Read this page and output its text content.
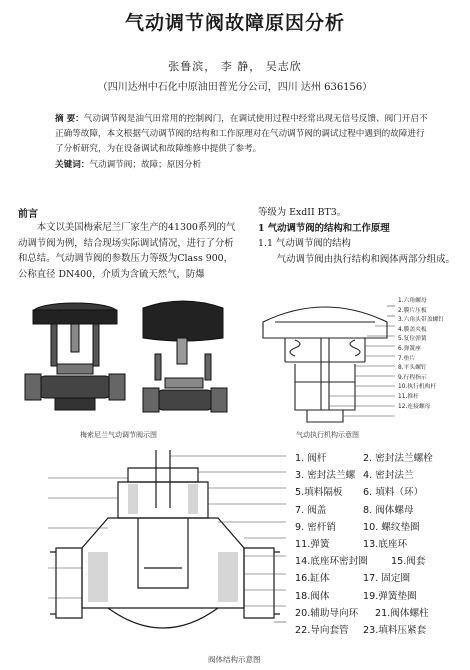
气动调节阀故障原因分析
张鲁滨， 李 静， 吴志欣
（四川达州中石化中原油田普光分公司，四川 达州 636156）
摘 要：气动调节阀是油气田常用的控制阀门，在调试使用过程中经常出现无信号反馈、阀门开启不正确等故障，本文根据气动调节阀的结构和工作原理对在气动调节阀的调试过程中遇到的故障进行了分析研究，为在设备调试和故障维修中提供了参考。
关键词：气动调节阀；故障；原因分析
前言
本文以美国梅索尼兰厂家生产的41300系列的气动调节阀为例，结合现场实际调试情况，进行了分析和总结。气动调节阀的参数压力等级为Class 900，公称直径 DN400，介质为含硫天然气，防爆
等级为 ExdII BT3。
1 气动调节阀的结构和工作原理
1.1 气动调节阀的结构
气动调节阀由执行结构和阀体两部分组成。
梅索尼兰气动调节阀示图
1.六角螺母
2.膜片压板
3.六角头带盖螺钉
4.膜盖夹板
5.复位弹簧
6.弹簧座
7.垫片
8.平头螺钉
9.行程指示
10.执行机构杆
11.推杆
12.连接螺母
气动执行机构示意图
阀体结构示意图
1. 阀杆	2. 密封法兰螺栓
3. 密封法兰螺 4. 密封法兰
5.填料隔板 6. 填料（环）
7. 阀盖	8. 阀体螺母
9. 密杆销	10. 螺纹垫圈
11.弹簧	13.底座环
14.底座环密封圈 15.阀套
16.缸体	17. 固定圈
18.阀体	19.弹簧垫圈
20.辅助导向环 21.阀体螺柱
22.导向套管 23.填料压紧套
